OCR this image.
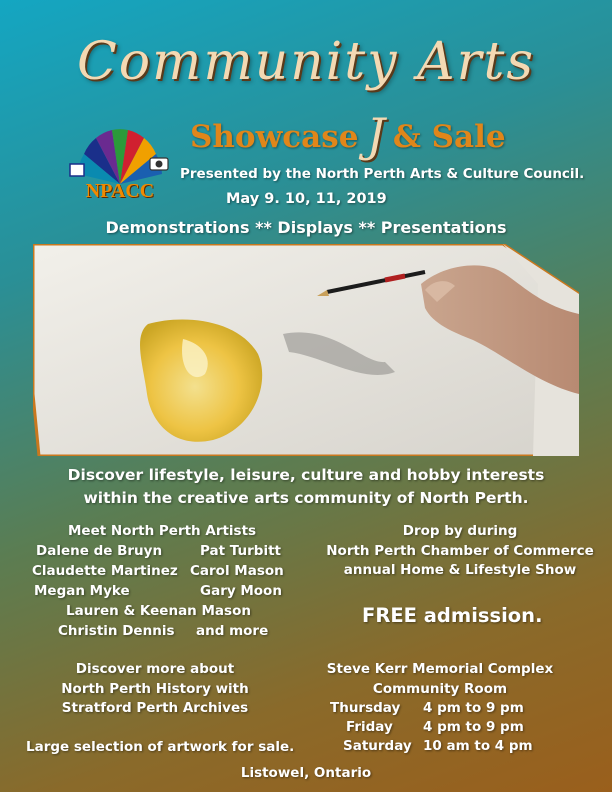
Community Arts
Showcase J & Sale
NPACC
Presented by the North Perth Arts & Culture Council.
May 9. 10, 11, 2019
Demonstrations ** Displays ** Presentations
Discover lifestyle, leisure, culture and hobby interests
within the creative arts community of North Perth.
Meet North Perth Artists
Dalene de Bruyn	Pat Turbitt
Claudette Martinez Carol Mason
Megan Myke	Gary Moon
Lauren & Keenan Mason
Christin Dennis and more
Drop by during
North Perth Chamber of Commerce
annual Home & Lifestyle Show
FREE admission.
Discover more about
North Perth History with
Stratford Perth Archives
Steve Kerr Memorial Complex
Community Room
Thursday	4 pm to 9 pm
Friday 4 pm to 9 pm
Saturday 10 am to 4 pm
Large selection of artwork for sale.
Listowel, Ontario
